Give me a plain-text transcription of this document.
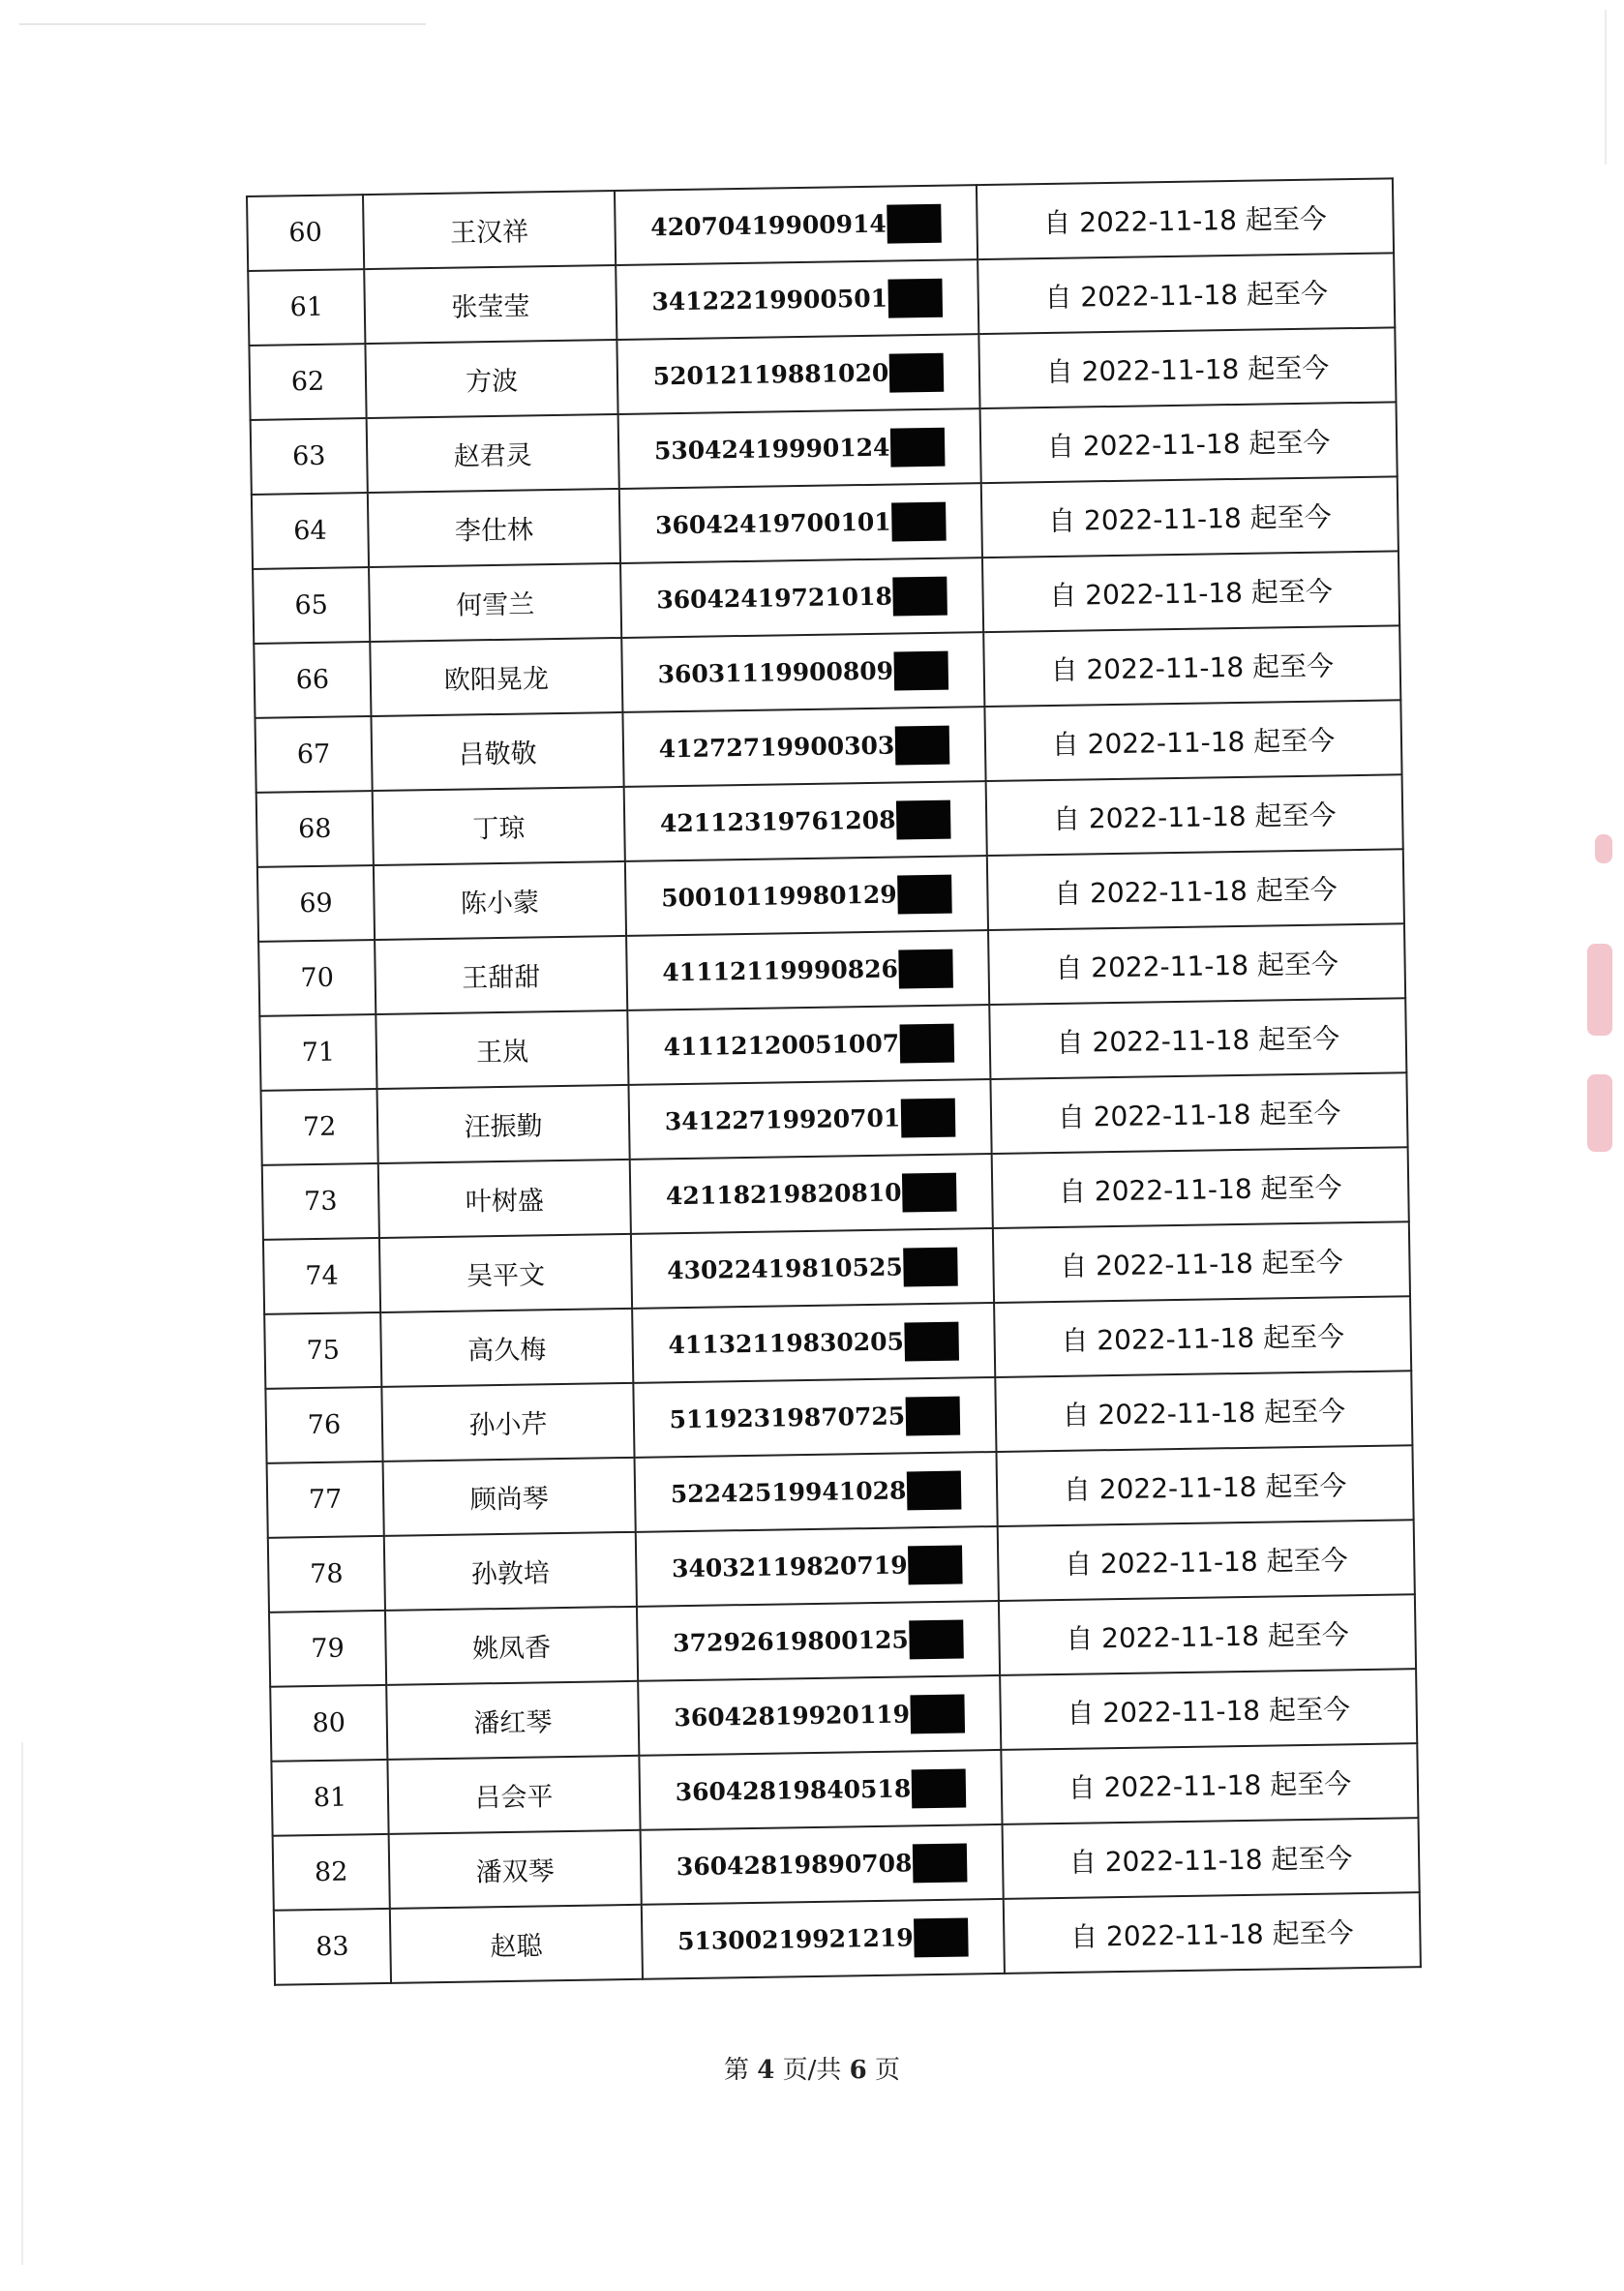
60	王汉祥	42070419900914	自 2022-11-18 起至今
61	张莹莹	34122219900501	自 2022-11-18 起至今
62	方波	52012119881020	自 2022-11-18 起至今
63	赵君灵	53042419990124	自 2022-11-18 起至今
64	李仕林	36042419700101	自 2022-11-18 起至今
65	何雪兰	36042419721018	自 2022-11-18 起至今
66	欧阳晃龙	36031119900809	自 2022-11-18 起至今
67	吕敬敬	41272719900303	自 2022-11-18 起至今
68	丁琼	42112319761208	自 2022-11-18 起至今
69	陈小蒙	50010119980129	自 2022-11-18 起至今
70	王甜甜	41112119990826	自 2022-11-18 起至今
71	王岚	41112120051007	自 2022-11-18 起至今
72	汪振勤	34122719920701	自 2022-11-18 起至今
73	叶树盛	42118219820810	自 2022-11-18 起至今
74	吴平文	43022419810525	自 2022-11-18 起至今
75	高久梅	41132119830205	自 2022-11-18 起至今
76	孙小芹	51192319870725	自 2022-11-18 起至今
77	顾尚琴	52242519941028	自 2022-11-18 起至今
78	孙敦培	34032119820719	自 2022-11-18 起至今
79	姚凤香	37292619800125	自 2022-11-18 起至今
80	潘红琴	36042819920119	自 2022-11-18 起至今
81	吕会平	36042819840518	自 2022-11-18 起至今
82	潘双琴	36042819890708	自 2022-11-18 起至今
83	赵聪	51300219921219	自 2022-11-18 起至今
第 4 页/共 6 页
